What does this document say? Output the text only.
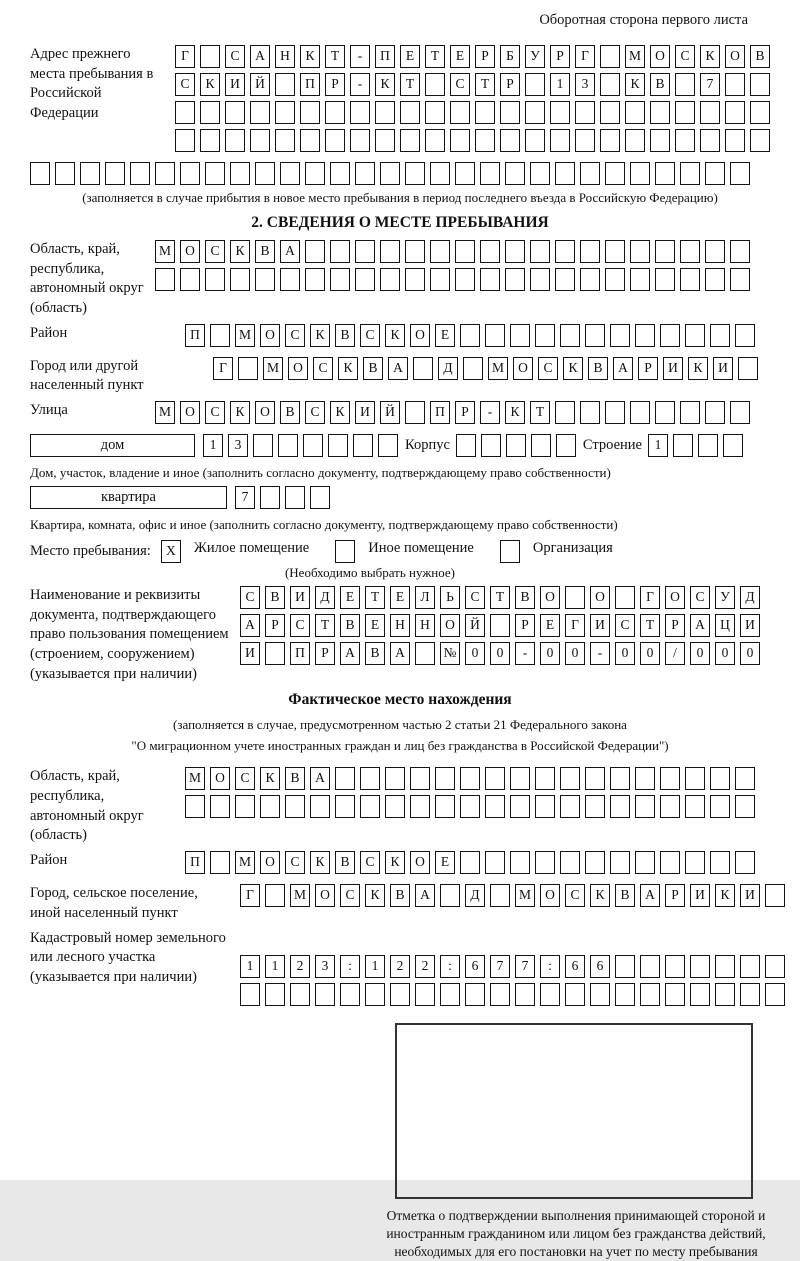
Оборотная сторона первого листа
Адрес прежнего места пребывания в Российской Федерации
Г	С А Н К Т - П Е Т Е Р Б У Р Г	М О С К О В
С К И Й	П Р - К Т	С Т Р	1 3	К В	7
(заполняется в случае прибытия в новое место пребывания в период последнего въезда в Российскую Федерацию)
2. СВЕДЕНИЯ О МЕСТЕ ПРЕБЫВАНИЯ
Область, край, республика, автономный округ (область)
М О С К В А
Район	П	М О С К В С К О Е
Город или другой населенный пункт
Г	М О С К В А	Д	М О С К В А Р И К И
Улица	М О С К О В С К И Й	П Р - К Т
дом	1 3	Корпус	Строение 1
Дом, участок, владение и иное (заполнить согласно документу, подтверждающему право собственности)
квартира	7
Квартира, комната, офис и иное (заполнить согласно документу, подтверждающему право собственности)
Место пребывания:	Х Жилое помещение	Иное помещение	Организация
(Необходимо выбрать нужное)
Наименование и реквизиты документа, подтверждающего право пользования помещением (строением, сооружением) (указывается при наличии)
С В И Д Е Т Е Л Ь С Т В О	О	Г О С У Д
А Р С Т В Е Н Н О Й	Р Е Г И С Т Р А Ц И
И	П Р А В А	№ 0 0 - 0 0 - 0 0 / 0 0 0
Фактическое место нахождения
(заполняется в случае, предусмотренном частью 2 статьи 21 Федерального закона
"О миграционном учете иностранных граждан и лиц без гражданства в Российской Федерации")
Область, край, республика, автономный округ (область)
М О С К В А
Район	П	М О С К В С К О Е
Город, сельское поселение, иной населенный пункт
Г	М О С К В А	Д	М О С К В А Р И К И
Кадастровый номер земельного или лесного участка (указывается при наличии)
1 1 2 3 : 1 2 2 : 6 7 7 : 6 6
Отметка о подтверждении выполнения принимающей стороной и иностранным гражданином или лицом без гражданства действий, необходимых для его постановки на учет по месту пребывания
